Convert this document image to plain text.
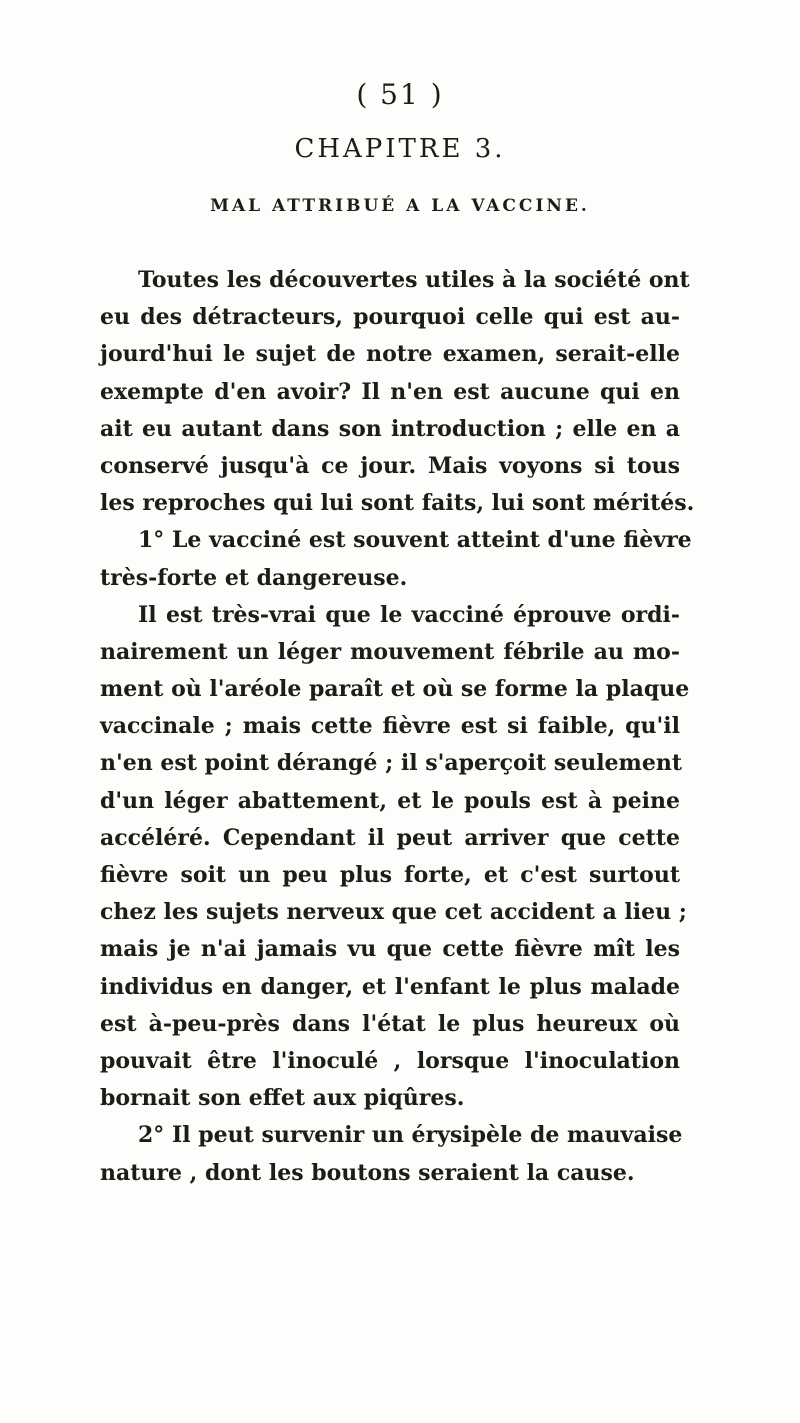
( 51 )
CHAPITRE 3.
MAL ATTRIBUÉ A LA VACCINE.
Toutes les découvertes utiles à la société ont
eu des détracteurs, pourquoi celle qui est au-
jourd'hui le sujet de notre examen, serait-elle
exempte d'en avoir? Il n'en est aucune qui en
ait eu autant dans son introduction ; elle en a
conservé jusqu'à ce jour. Mais voyons si tous
les reproches qui lui sont faits, lui sont mérités.
1° Le vacciné est souvent atteint d'une fièvre
très-forte et dangereuse.
Il est très-vrai que le vacciné éprouve ordi-
nairement un léger mouvement fébrile au mo-
ment où l'aréole paraît et où se forme la plaque
vaccinale ; mais cette fièvre est si faible, qu'il
n'en est point dérangé ; il s'aperçoit seulement
d'un léger abattement, et le pouls est à peine
accéléré. Cependant il peut arriver que cette
fièvre soit un peu plus forte, et c'est surtout
chez les sujets nerveux que cet accident a lieu ;
mais je n'ai jamais vu que cette fièvre mît les
individus en danger, et l'enfant le plus malade
est à-peu-près dans l'état le plus heureux où
pouvait être l'inoculé , lorsque l'inoculation
bornait son effet aux piqûres.
2° Il peut survenir un érysipèle de mauvaise
nature , dont les boutons seraient la cause.
